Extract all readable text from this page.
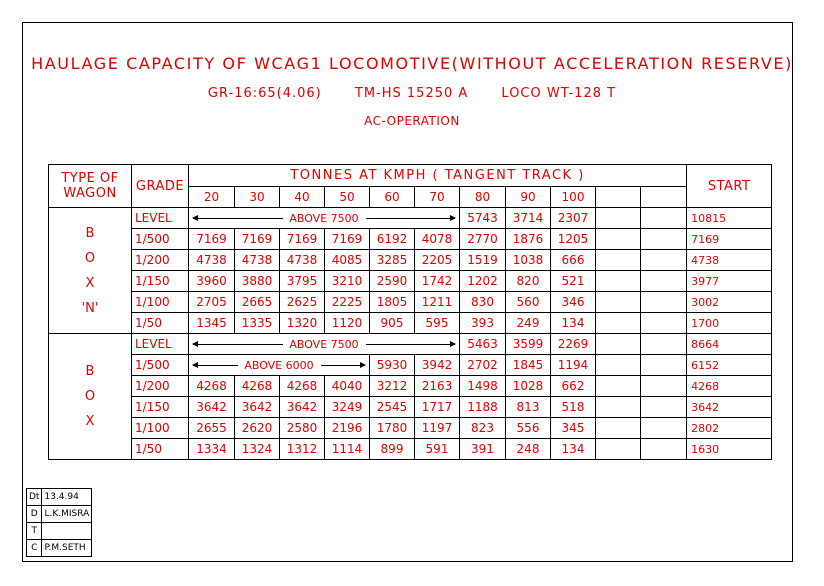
HAULAGE CAPACITY OF WCAG1 LOCOMOTIVE(WITHOUT ACCELERATION RESERVE)
GR-16:65(4.06)	TM-HS 15250 A	LOCO WT-128 T
AC-OPERATION
TYPE OF
WAGON	GRADE	TONNES AT KMPH ( TANGENT TRACK )											START
		20	30	40	50	60	70	80	90	100			

B
O
X
'N'	LEVEL	ABOVE 7500						5743	3714	2307			10815
	1/500	7169	7169	7169	7169	6192	4078	2770	1876	1205			7169
	1/200	4738	4738	4738	4085	3285	2205	1519	1038	666			4738
	1/150	3960	3880	3795	3210	2590	1742	1202	820	521			3977
	1/100	2705	2665	2625	2225	1805	1211	830	560	346			3002
	1/50	1345	1335	1320	1120	905	595	393	249	134			1700

B
O
X	LEVEL	ABOVE 7500						5463	3599	2269			8664
	1/500	ABOVE 6000				5930	3942	2702	1845	1194			6152
	1/200	4268	4268	4268	4040	3212	2163	1498	1028	662			4268
	1/150	3642	3642	3642	3249	2545	1717	1188	813	518			3642
	1/100	2655	2620	2580	2196	1780	1197	823	556	345			2802
	1/50	1334	1324	1312	1114	899	591	391	248	134			1630
Dt	13.4.94
D	L.K.MISRA
T	
C	P.M.SETH
